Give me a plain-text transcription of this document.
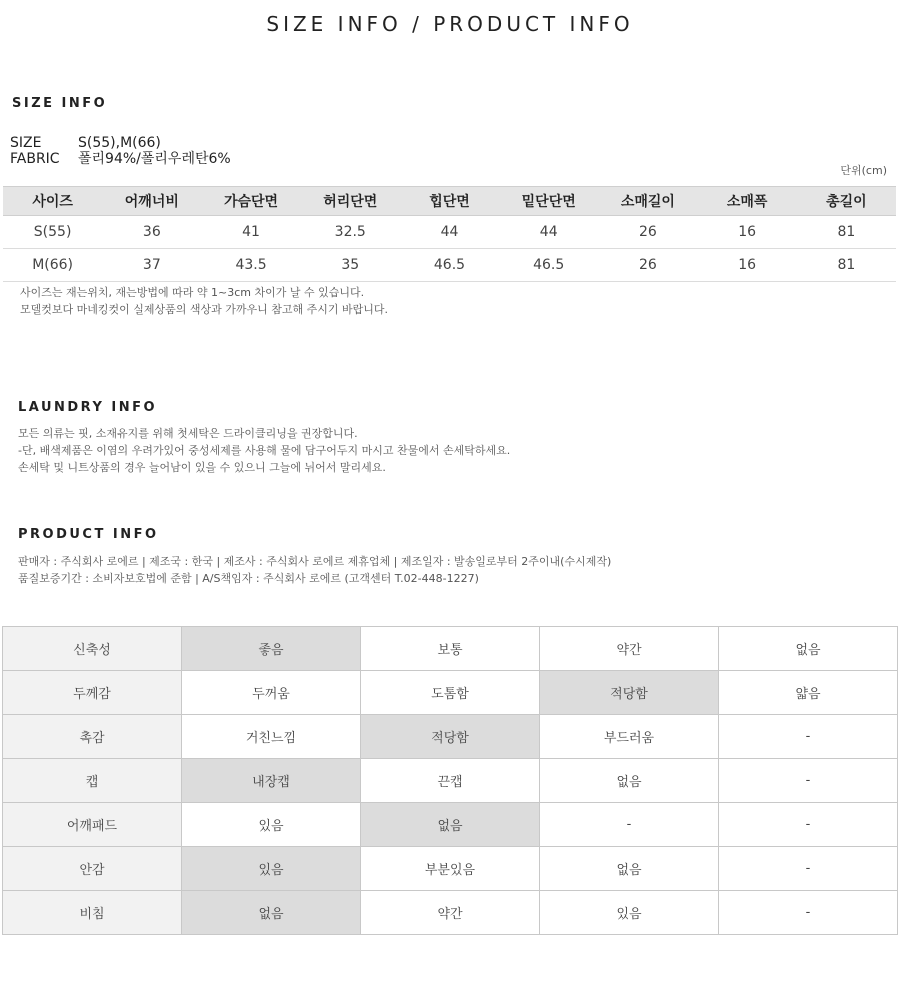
SIZE INFO / PRODUCT INFO
SIZE INFO
SIZE	S(55),M(66)
FABRIC 폴리94%/폴리우레탄6%
단위(cm)
사이즈	어깨너비	가슴단면	허리단면	힙단면	밑단단면	소매길이	소매폭	총길이
S(55)	36	41	32.5	44	44	26	16	81
M(66)	37	43.5	35	46.5	46.5	26	16	81
사이즈는 재는위치, 재는방법에 따라 약 1~3cm 차이가 날 수 있습니다.
모델컷보다 마네킹컷이 실제상품의 색상과 가까우니 참고해 주시기 바랍니다.
LAUNDRY INFO
모든 의류는 핏, 소재유지를 위해 첫세탁은 드라이클리닝을 권장합니다.
-단, 배색제품은 이염의 우려가있어 중성세제를 사용해 물에 담구어두지 마시고 찬물에서 손세탁하세요.
손세탁 및 니트상품의 경우 늘어남이 있을 수 있으니 그늘에 뉘어서 말리세요.
PRODUCT INFO
판매자 : 주식회사 로에르 | 제조국 : 한국 | 제조사 : 주식회사 로에르 제휴업체 | 제조일자 : 발송일로부터 2주이내(수시제작)
품질보증기간 : 소비자보호법에 준함 | A/S책임자 : 주식회사 로에르 (고객센터 T.02-448-1227)
신축성	좋음	보통	약간	없음
두께감	두꺼움	도톰함	적당함	얇음
촉감	거친느낌	적당함	부드러움	-
캡	내장캡	끈캡	없음	-
어깨패드	있음	없음	-	-
안감	있음	부분있음	없음	-
비침	없음	약간	있음	-
